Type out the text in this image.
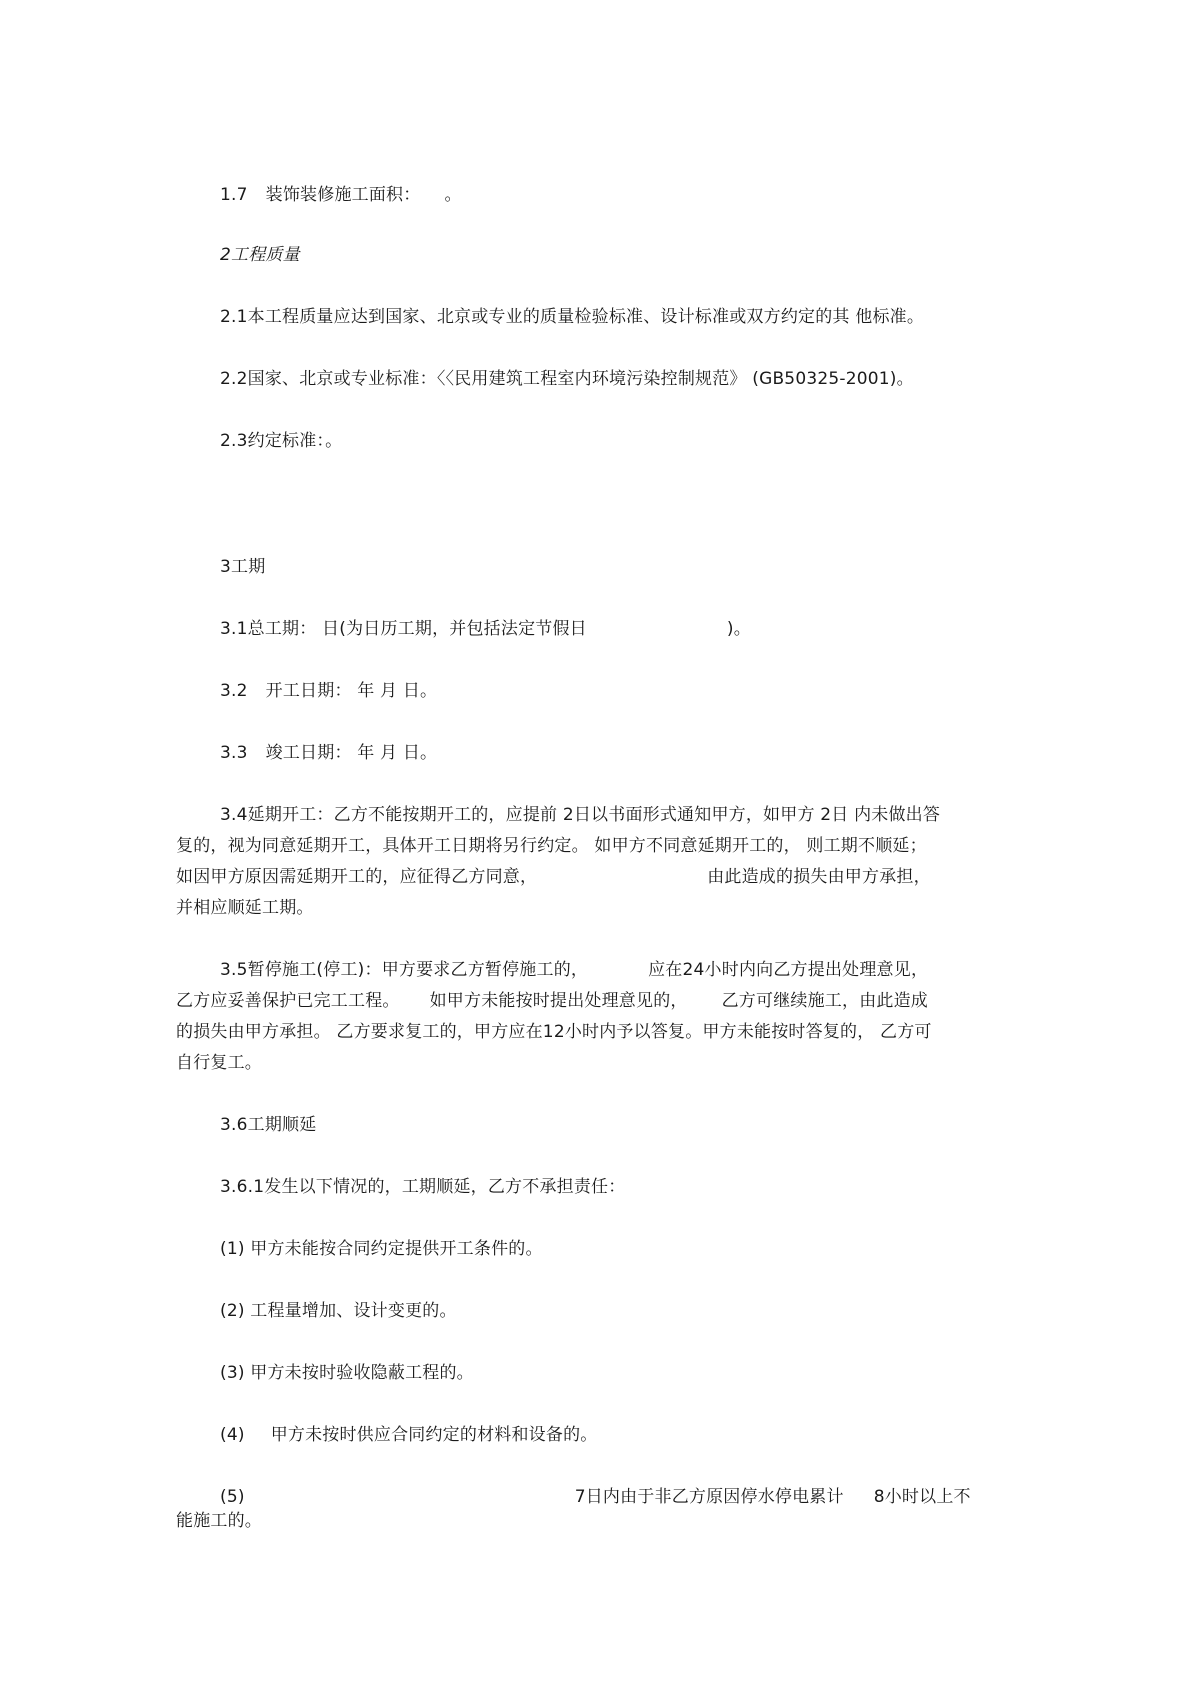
1.7 装饰装修施工面积： 。
2工程质量
2.1本工程质量应达到国家、北京或专业的质量检验标准、设计标准或双方约定的其 他标准。
2.2国家、北京或专业标准：〈〈民用建筑工程室内环境污染控制规范》 (GB50325-2001)。
2.3约定标准：。
3工期
3.1总工期： 日(为日历工期，并包括法定节假日	)。
3.2 开工日期： 年 月 日。
3.3 竣工日期： 年 月 日。
3.4延期开工：乙方不能按期开工的，应提前 2日以书面形式通知甲方，如甲方 2日 内未做出答
复的，视为同意延期开工，具体开工日期将另行约定。 如甲方不同意延期开工的， 则工期不顺延；
如因甲方原因需延期开工的，应征得乙方同意，	由此造成的损失由甲方承担，
并相应顺延工期。
3.5暂停施工(停工)：甲方要求乙方暂停施工的，	应在24小时内向乙方提出处理意见，
乙方应妥善保护已完工工程。 如甲方未能按时提出处理意见的， 乙方可继续施工，由此造成
的损失由甲方承担。 乙方要求复工的，甲方应在12小时内予以答复。甲方未能按时答复的， 乙方可
自行复工。
3.6工期顺延
3.6.1发生以下情况的，工期顺延，乙方不承担责任：
(1) 甲方未能按合同约定提供开工条件的。
(2) 工程量增加、设计变更的。
(3) 甲方未按时验收隐蔽工程的。
(4) 甲方未按时供应合同约定的材料和设备的。
(5)	7日内由于非乙方原因停水停电累计 8小时以上不
能施工的。
